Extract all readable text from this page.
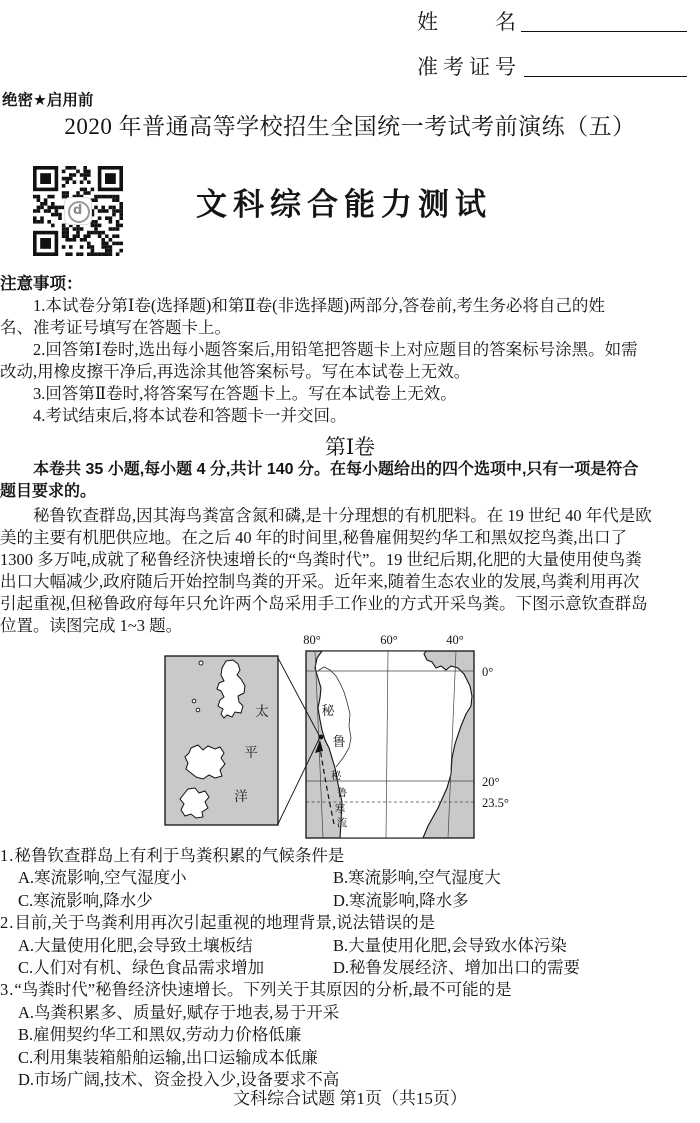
姓	名
准考证号
绝密★启用前
2020 年普通高等学校招生全国统一考试考前演练（五）
d	文科综合能力测试
注意事项：
1.本试卷分第Ⅰ卷(选择题)和第Ⅱ卷(非选择题)两部分,答卷前,考生务必将自己的姓
名、准考证号填写在答题卡上。
2.回答第Ⅰ卷时,选出每小题答案后,用铅笔把答题卡上对应题目的答案标号涂黑。如需
改动,用橡皮擦干净后,再选涂其他答案标号。写在本试卷上无效。
3.回答第Ⅱ卷时,将答案写在答题卡上。写在本试卷上无效。
4.考试结束后,将本试卷和答题卡一并交回。
第Ⅰ卷
本卷共 35 小题,每小题 4 分,共计 140 分。在每小题给出的四个选项中,只有一项是符合
题目要求的。
秘鲁钦查群岛,因其海鸟粪富含氮和磷,是十分理想的有机肥料。在 19 世纪 40 年代是欧
美的主要有机肥供应地。在之后 40 年的时间里,秘鲁雇佣契约华工和黑奴挖鸟粪,出口了
1300 多万吨,成就了秘鲁经济快速增长的“鸟粪时代”。19 世纪后期,化肥的大量使用使鸟粪
出口大幅减少,政府随后开始控制鸟粪的开采。近年来,随着生态农业的发展,鸟粪利用再次
引起重视,但秘鲁政府每年只允许两个岛采用手工作业的方式开采鸟粪。下图示意钦查群岛
位置。读图完成 1~3 题。
80°	60°	40°
0°
20°
23.5°
秘
鲁
秘
鲁
寒
流
太
平
洋
1.秘鲁钦查群岛上有利于鸟粪积累的气候条件是
A.寒流影响,空气湿度小	B.寒流影响,空气湿度大
C.寒流影响,降水少	D.寒流影响,降水多
2.目前,关于鸟粪利用再次引起重视的地理背景,说法错误的是
A.大量使用化肥,会导致土壤板结	B.大量使用化肥,会导致水体污染
C.人们对有机、绿色食品需求增加	D.秘鲁发展经济、增加出口的需要
3.“鸟粪时代”秘鲁经济快速增长。下列关于其原因的分析,最不可能的是
A.鸟粪积累多、质量好,赋存于地表,易于开采
B.雇佣契约华工和黑奴,劳动力价格低廉
C.利用集装箱船舶运输,出口运输成本低廉
D.市场广阔,技术、资金投入少,设备要求不高
文科综合试题 第1页（共15页）
